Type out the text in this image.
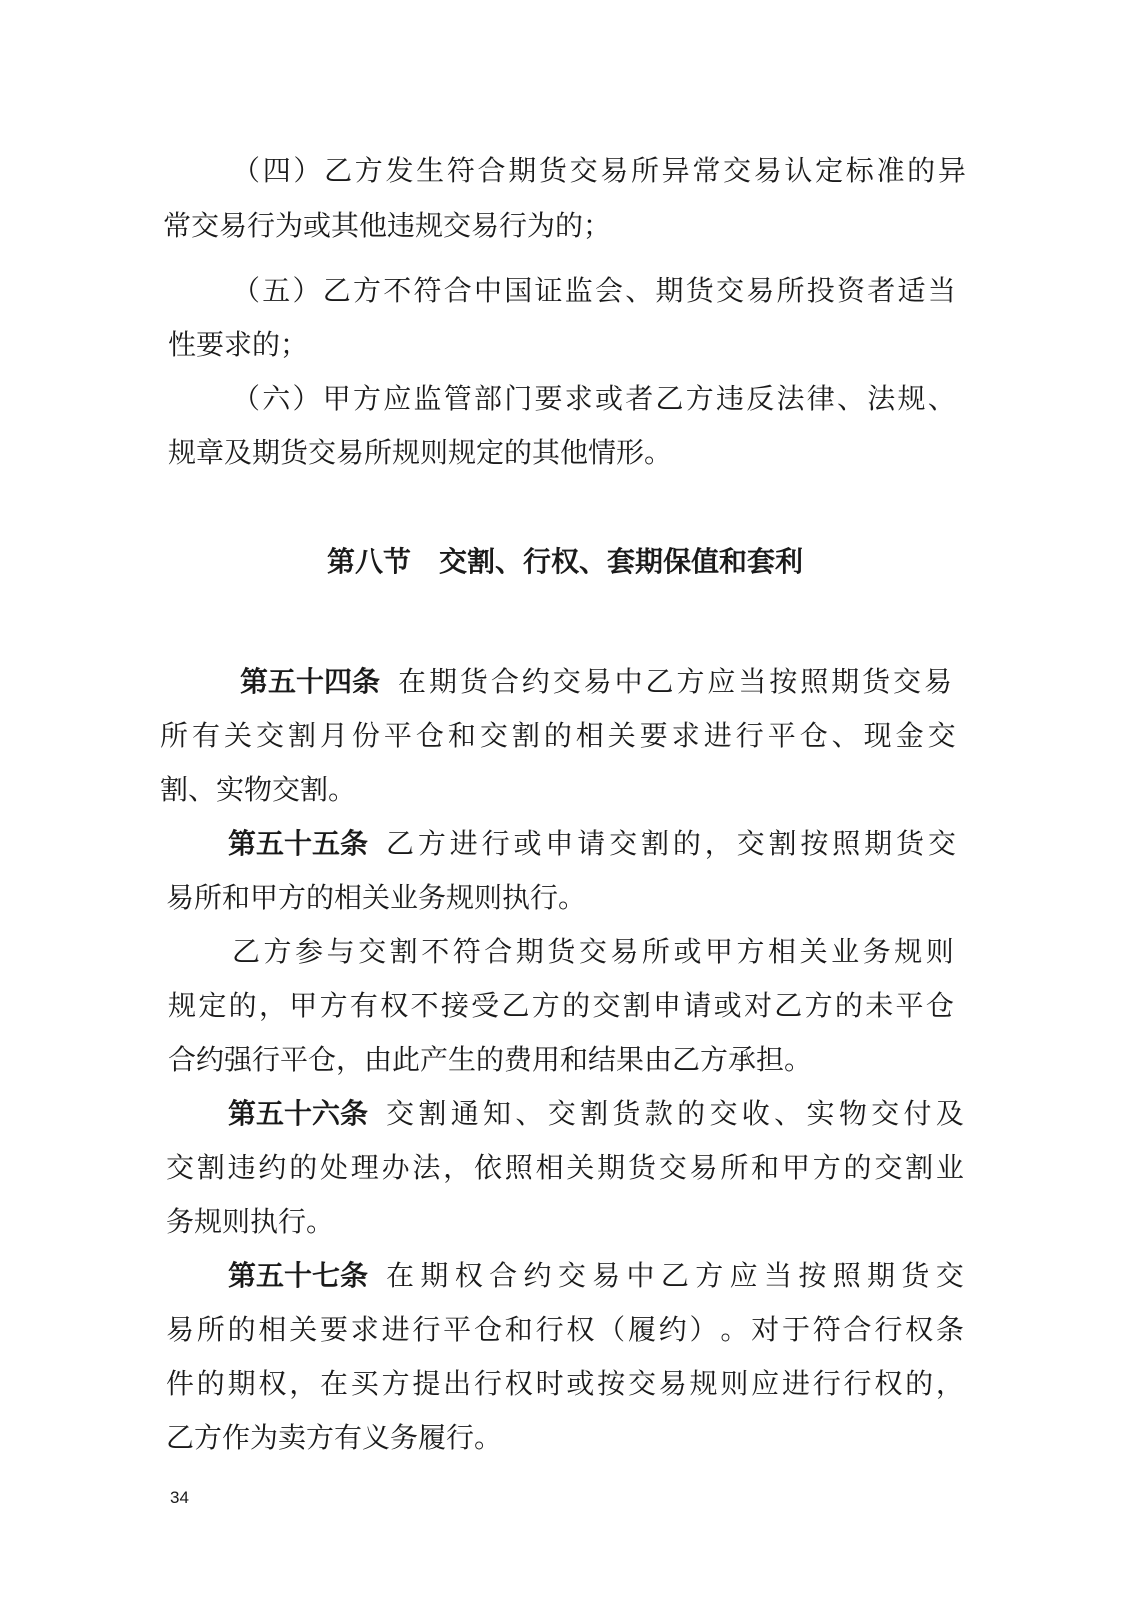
（ 四 ） 乙 方 发 生 符 合 期 货 交 易 所 异 常 交 易 认 定 标 准 的 异
常交易行为或其他违规交易行为的；
（ 五 ） 乙 方 不 符 合 中 国 证 监 会 、 期 货 交 易 所 投 资 者 适 当
性要求的；
（ 六 ） 甲 方 应 监 管 部 门 要 求 或 者 乙 方 违 反 法 律 、 法 规 、
规章及期货交易所规则规定的其他情形。
第八节　交割、行权、套期保值和套利
第五十四条 在 期 货 合 约 交 易 中 乙 方 应 当 按 照 期 货 交 易
所 有 关 交 割 月 份 平 仓 和 交 割 的 相 关 要 求 进 行 平 仓 、 现 金 交
割、实物交割。
第五十五条 乙 方 进 行 或 申 请 交 割 的 ， 交 割 按 照 期 货 交
易所和甲方的相关业务规则执行。
乙 方 参 与 交 割 不 符 合 期 货 交 易 所 或 甲 方 相 关 业 务 规 则
规 定 的 ， 甲 方 有 权 不 接 受 乙 方 的 交 割 申 请 或 对 乙 方 的 未 平 仓
合约强行平仓，由此产生的费用和结果由乙方承担。
第五十六条 交 割 通 知 、 交 割 货 款 的 交 收 、 实 物 交 付 及
交 割 违 约 的 处 理 办 法 ， 依 照 相 关 期 货 交 易 所 和 甲 方 的 交 割 业
务规则执行。
第五十七条 在 期 权 合 约 交 易 中 乙 方 应 当 按 照 期 货 交
易 所 的 相 关 要 求 进 行 平 仓 和 行 权 （ 履 约 ） 。 对 于 符 合 行 权 条
件 的 期 权 ， 在 买 方 提 出 行 权 时 或 按 交 易 规 则 应 进 行 行 权 的 ，
乙方作为卖方有义务履行。
34
